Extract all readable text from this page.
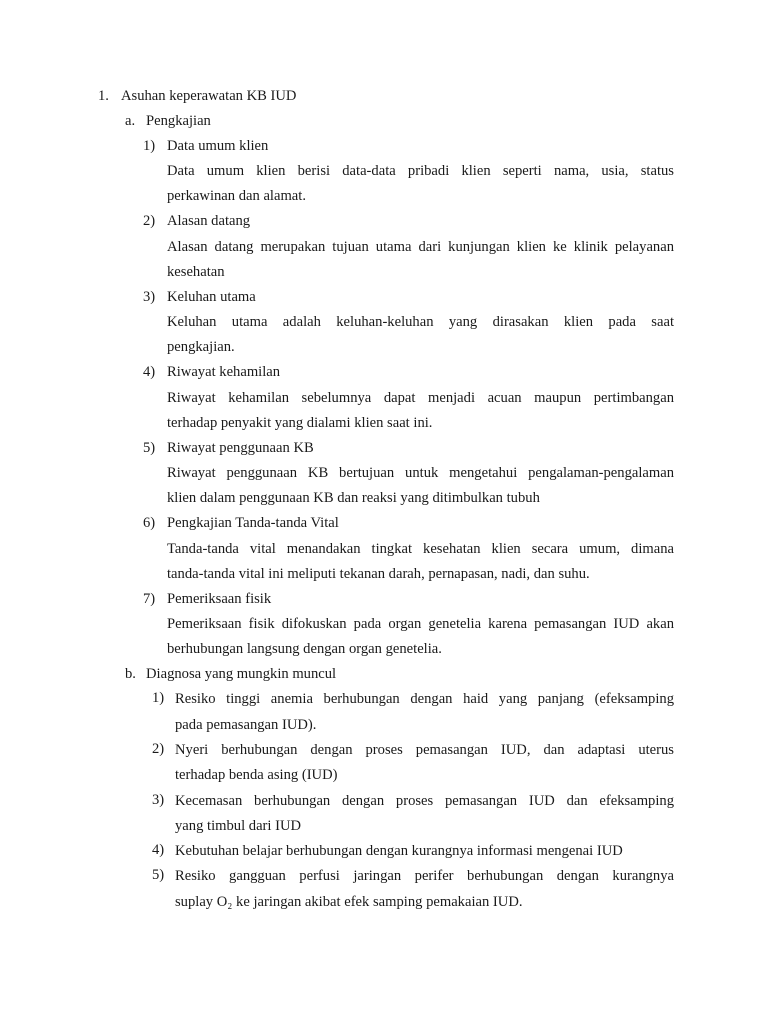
1. Asuhan keperawatan KB IUD
a. Pengkajian
1) Data umum klien
Data umum klien berisi data-data pribadi klien seperti nama, usia, status
perkawinan dan alamat.
2) Alasan datang
Alasan datang merupakan tujuan utama dari kunjungan klien ke klinik pelayanan
kesehatan
3) Keluhan utama
Keluhan utama adalah keluhan-keluhan yang dirasakan klien pada saat
pengkajian.
4) Riwayat kehamilan
Riwayat kehamilan sebelumnya dapat menjadi acuan maupun pertimbangan
terhadap penyakit yang dialami klien saat ini.
5) Riwayat penggunaan KB
Riwayat penggunaan KB bertujuan untuk mengetahui pengalaman-pengalaman
klien dalam penggunaan KB dan reaksi yang ditimbulkan tubuh
6) Pengkajian Tanda-tanda Vital
Tanda-tanda vital menandakan tingkat kesehatan klien secara umum, dimana
tanda-tanda vital ini meliputi tekanan darah, pernapasan, nadi, dan suhu.
7) Pemeriksaan fisik
Pemeriksaan fisik difokuskan pada organ genetelia karena pemasangan IUD akan
berhubungan langsung dengan organ genetelia.
b. Diagnosa yang mungkin muncul
1) Resiko tinggi anemia berhubungan dengan haid yang panjang (efeksamping
pada pemasangan IUD).
2) Nyeri berhubungan dengan proses pemasangan IUD, dan adaptasi uterus
terhadap benda asing (IUD)
3) Kecemasan berhubungan dengan proses pemasangan IUD dan efeksamping
yang timbul dari IUD
4) Kebutuhan belajar berhubungan dengan kurangnya informasi mengenai IUD
5) Resiko gangguan perfusi jaringan perifer berhubungan dengan kurangnya
suplay O₂ ke jaringan akibat efek samping pemakaian IUD.
